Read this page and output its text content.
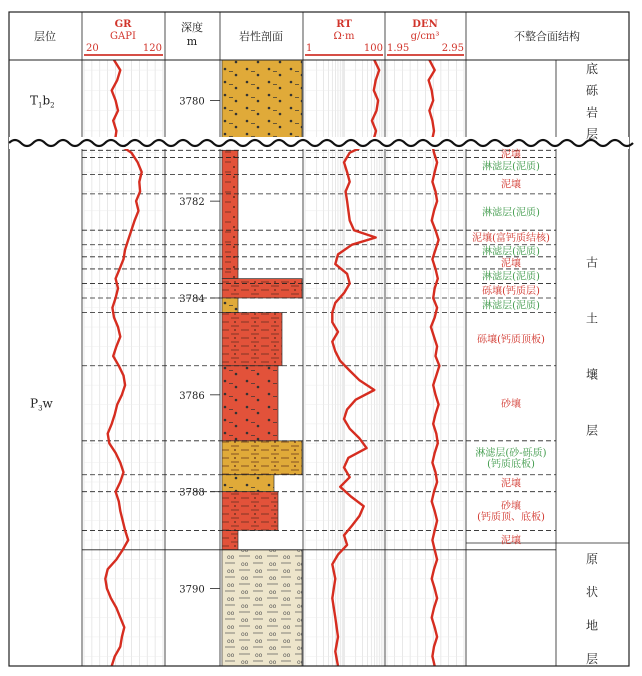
层位
GR
GAPI
20	120
深度
m	岩性剖面
RT
Ω·m
1	100
DEN
g/cm³
1.95	2.95
不整合面结构
$T_1b_2$
$P_3w$
3780
3782
3784
3786
3788
3790
泥壤
淋滤层(泥质)
泥壤
淋滤层(泥质)
泥壤(富钙质结核)
淋滤层(泥质)
泥壤
淋滤层(泥质)
砾壤(钙质层)
淋滤层(泥质)
砾壤(钙质顶板)
砂壤
淋滤层(砂-砾质)
(钙质底板)
泥壤
砂壤
(钙质顶、底板)
泥壤
底
砾
岩
层
古
土
壤
层
原
状
地
层
